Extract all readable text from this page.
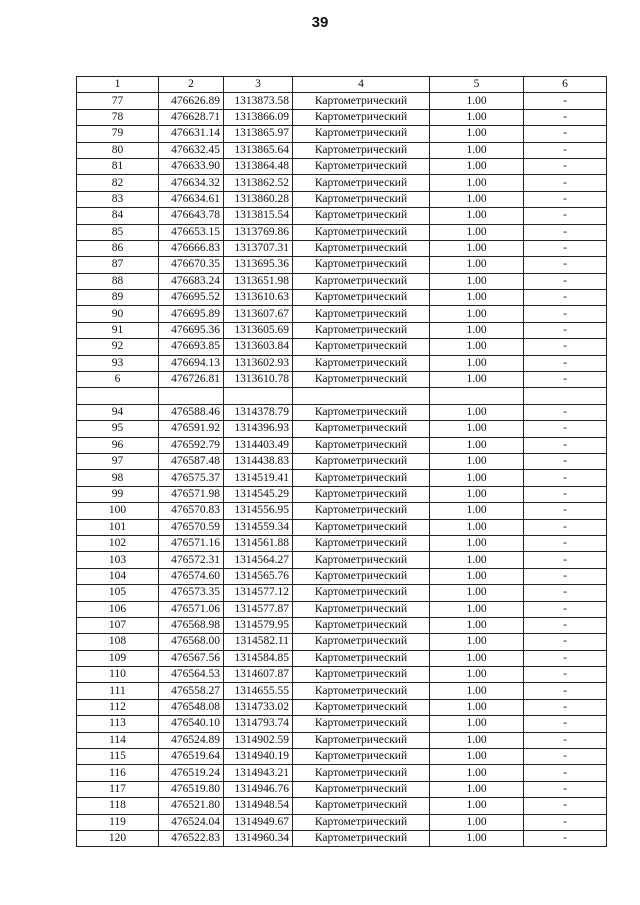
39
1	2	3	4	5	6
77	476626.89	1313873.58	Картометрический	1.00	-
78	476628.71	1313866.09	Картометрический	1.00	-
79	476631.14	1313865.97	Картометрический	1.00	-
80	476632.45	1313865.64	Картометрический	1.00	-
81	476633.90	1313864.48	Картометрический	1.00	-
82	476634.32	1313862.52	Картометрический	1.00	-
83	476634.61	1313860.28	Картометрический	1.00	-
84	476643.78	1313815.54	Картометрический	1.00	-
85	476653.15	1313769.86	Картометрический	1.00	-
86	476666.83	1313707.31	Картометрический	1.00	-
87	476670.35	1313695.36	Картометрический	1.00	-
88	476683.24	1313651.98	Картометрический	1.00	-
89	476695.52	1313610.63	Картометрический	1.00	-
90	476695.89	1313607.67	Картометрический	1.00	-
91	476695.36	1313605.69	Картометрический	1.00	-
92	476693.85	1313603.84	Картометрический	1.00	-
93	476694.13	1313602.93	Картометрический	1.00	-
6	476726.81	1313610.78	Картометрический	1.00	-

94	476588.46	1314378.79	Картометрический	1.00	-
95	476591.92	1314396.93	Картометрический	1.00	-
96	476592.79	1314403.49	Картометрический	1.00	-
97	476587.48	1314438.83	Картометрический	1.00	-
98	476575.37	1314519.41	Картометрический	1.00	-
99	476571.98	1314545.29	Картометрический	1.00	-
100	476570.83	1314556.95	Картометрический	1.00	-
101	476570.59	1314559.34	Картометрический	1.00	-
102	476571.16	1314561.88	Картометрический	1.00	-
103	476572.31	1314564.27	Картометрический	1.00	-
104	476574.60	1314565.76	Картометрический	1.00	-
105	476573.35	1314577.12	Картометрический	1.00	-
106	476571.06	1314577.87	Картометрический	1.00	-
107	476568.98	1314579.95	Картометрический	1.00	-
108	476568.00	1314582.11	Картометрический	1.00	-
109	476567.56	1314584.85	Картометрический	1.00	-
110	476564.53	1314607.87	Картометрический	1.00	-
111	476558.27	1314655.55	Картометрический	1.00	-
112	476548.08	1314733.02	Картометрический	1.00	-
113	476540.10	1314793.74	Картометрический	1.00	-
114	476524.89	1314902.59	Картометрический	1.00	-
115	476519.64	1314940.19	Картометрический	1.00	-
116	476519.24	1314943.21	Картометрический	1.00	-
117	476519.80	1314946.76	Картометрический	1.00	-
118	476521.80	1314948.54	Картометрический	1.00	-
119	476524.04	1314949.67	Картометрический	1.00	-
120	476522.83	1314960.34	Картометрический	1.00	-
